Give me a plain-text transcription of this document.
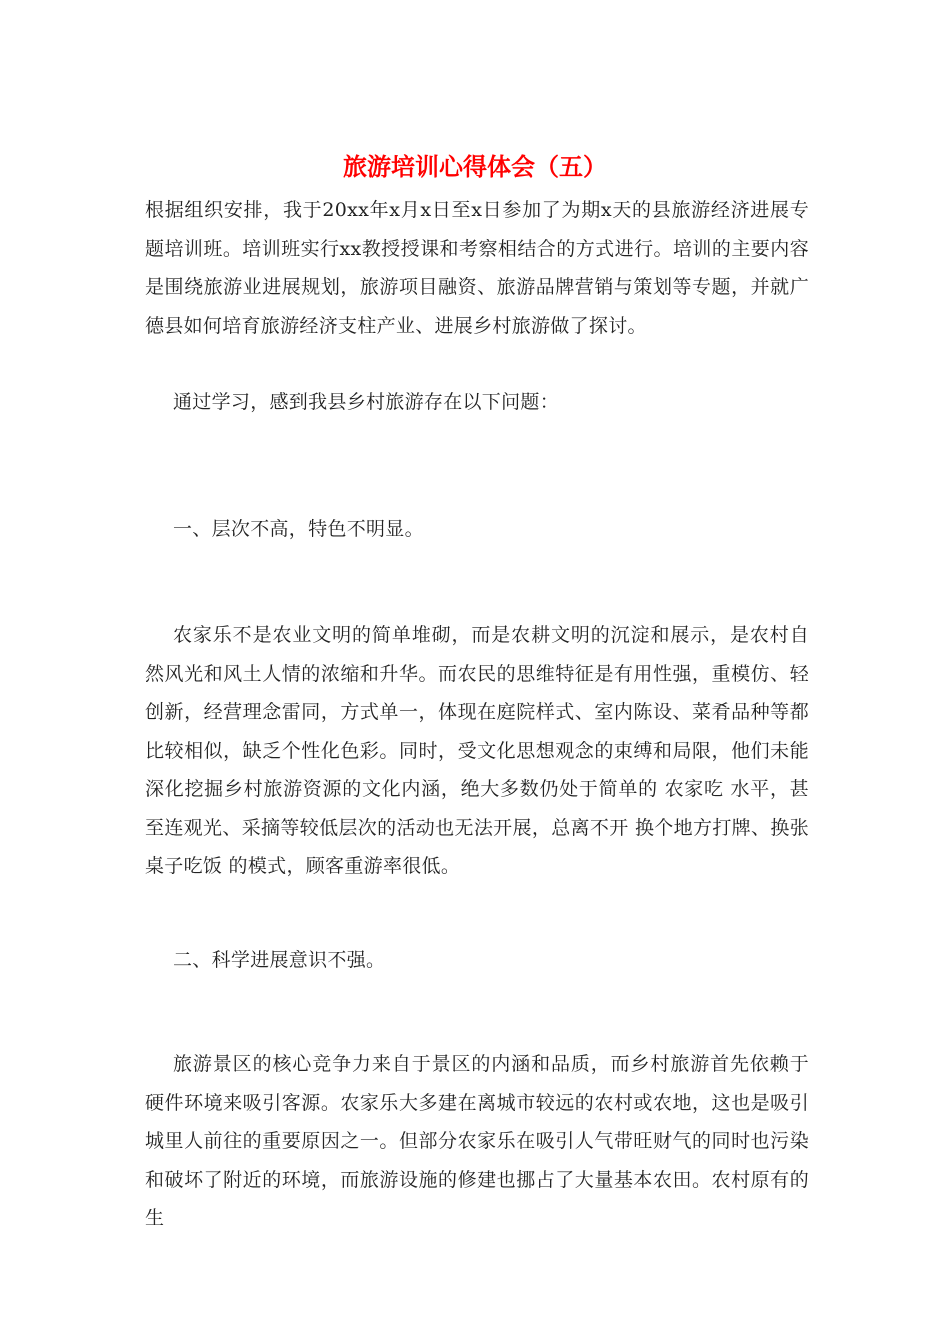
旅游培训心得体会（五）

根据组织安排，我于20xx年x月x日至x日参加了为期x天的县旅游经济进展专题培训班。培训班实行xx教授授课和考察相结合的方式进行。培训的主要内容是围绕旅游业进展规划，旅游项目融资、旅游品牌营销与策划等专题，并就广德县如何培育旅游经济支柱产业、进展乡村旅游做了探讨。

通过学习，感到我县乡村旅游存在以下问题：

一、层次不高，特色不明显。

农家乐不是农业文明的简单堆砌，而是农耕文明的沉淀和展示，是农村自然风光和风土人情的浓缩和升华。而农民的思维特征是有用性强，重模仿、轻创新，经营理念雷同，方式单一，体现在庭院样式、室内陈设、菜肴品种等都比较相似，缺乏个性化色彩。同时，受文化思想观念的束缚和局限，他们未能深化挖掘乡村旅游资源的文化内涵，绝大多数仍处于简单的 农家吃 水平，甚至连观光、采摘等较低层次的活动也无法开展，总离不开 换个地方打牌、换张桌子吃饭 的模式，顾客重游率很低。

二、科学进展意识不强。

旅游景区的核心竞争力来自于景区的内涵和品质，而乡村旅游首先依赖于硬件环境来吸引客源。农家乐大多建在离城市较远的农村或农地，这也是吸引城里人前往的重要原因之一。但部分农家乐在吸引人气带旺财气的同时也污染和破坏了附近的环境，而旅游设施的修建也挪占了大量基本农田。农村原有的生
